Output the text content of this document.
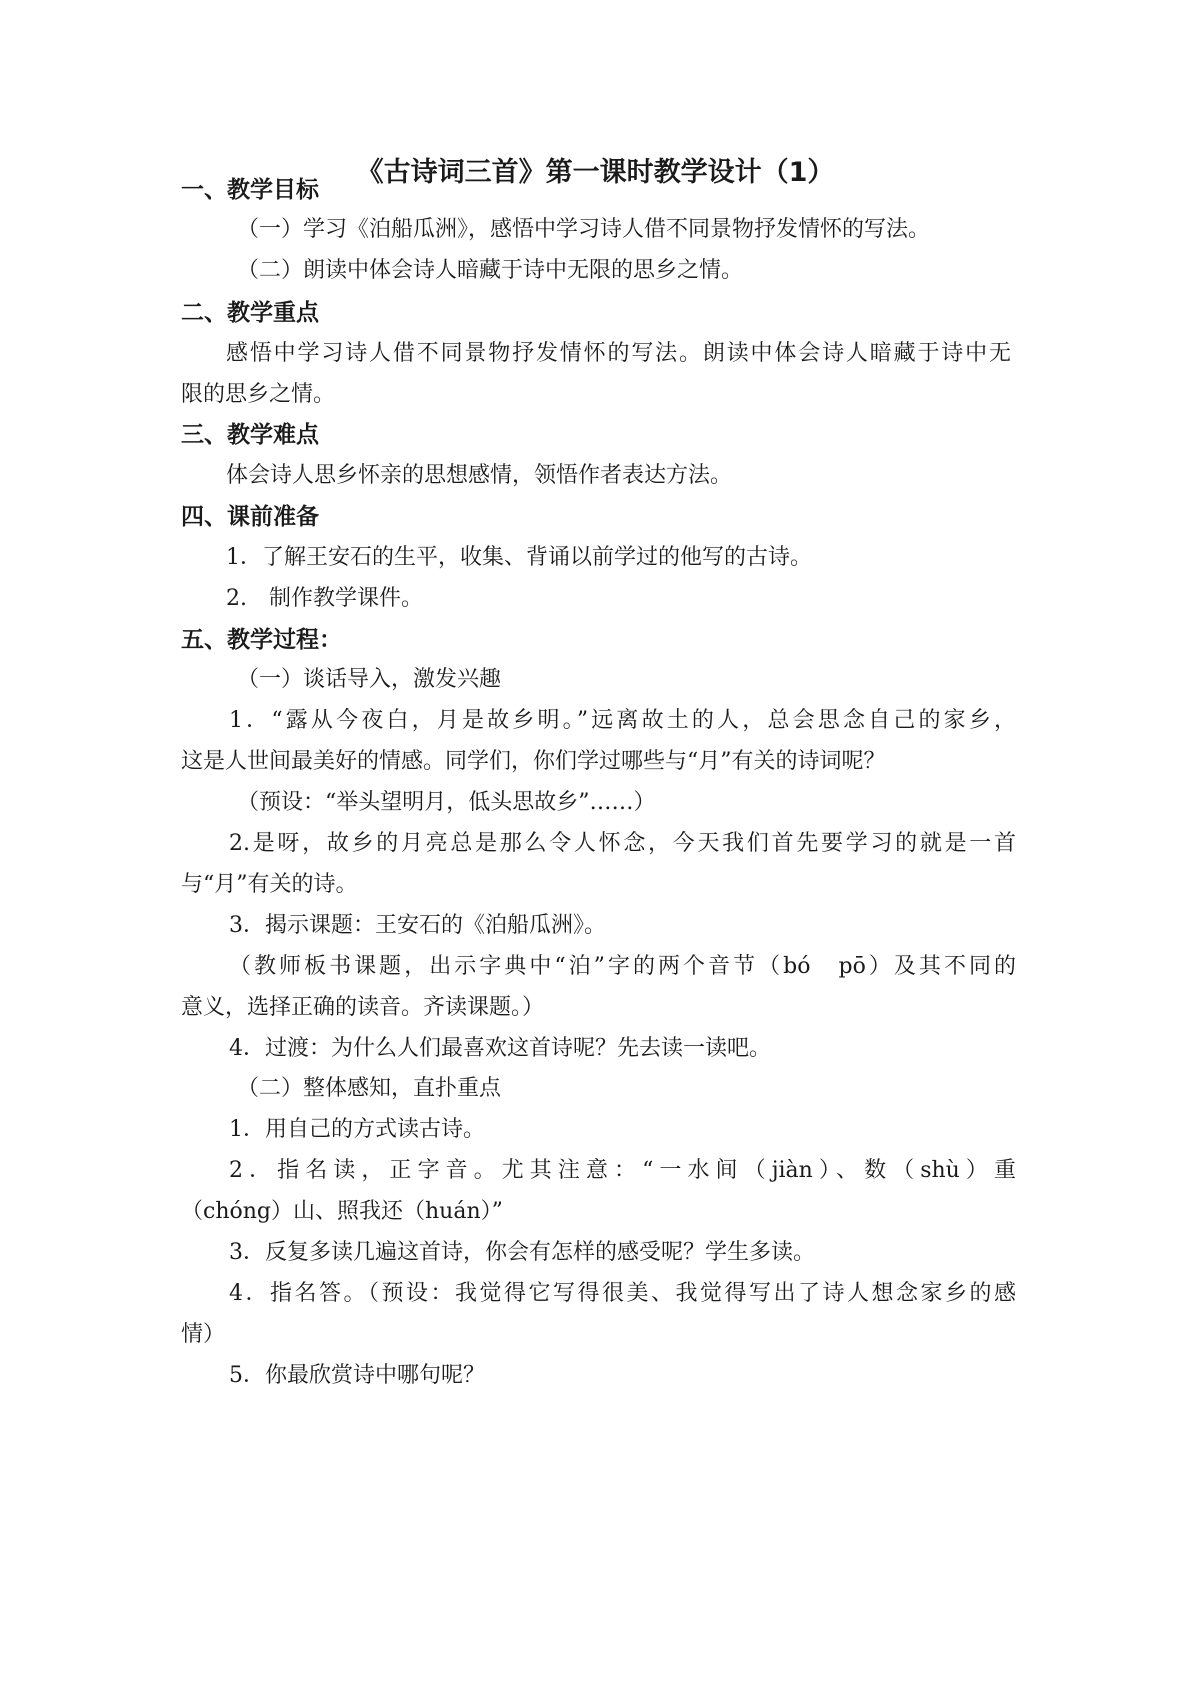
《古诗词三首》第一课时教学设计（1）
一、教学目标
（一）学习《泊船瓜洲》，感悟中学习诗人借不同景物抒发情怀的写法。
（二）朗读中体会诗人暗藏于诗中无限的思乡之情。
二、教学重点
感悟中学习诗人借不同景物抒发情怀的写法。朗读中体会诗人暗藏于诗中无
限的思乡之情。
三、教学难点
体会诗人思乡怀亲的思想感情，领悟作者表达方法。
四、课前准备
1．了解王安石的生平，收集、背诵以前学过的他写的古诗。
2.　制作教学课件。
五、教学过程：
（一）谈话导入，激发兴趣
1．“露从今夜白，月是故乡明。”远离故土的人，总会思念自己的家乡，
这是人世间最美好的情感。同学们，你们学过哪些与“月”有关的诗词呢？
（预设：“举头望明月，低头思故乡”……）
2.是呀，故乡的月亮总是那么令人怀念，今天我们首先要学习的就是一首
与“月”有关的诗。
3．揭示课题：王安石的《泊船瓜洲》。
（教师板书课题，出示字典中“泊”字的两个音节（bó　pō）及其不同的
意义，选择正确的读音。齐读课题。）
4．过渡：为什么人们最喜欢这首诗呢？先去读一读吧。
（二）整体感知，直扑重点
1．用自己的方式读古诗。
2．指名读，正字音。尤其注意：“一水间（jiàn）、数（shù）重
（chóng）山、照我还（huán）”
3．反复多读几遍这首诗，你会有怎样的感受呢？学生多读。
4．指名答。（预设：我觉得它写得很美、我觉得写出了诗人想念家乡的感
情）
5．你最欣赏诗中哪句呢？
